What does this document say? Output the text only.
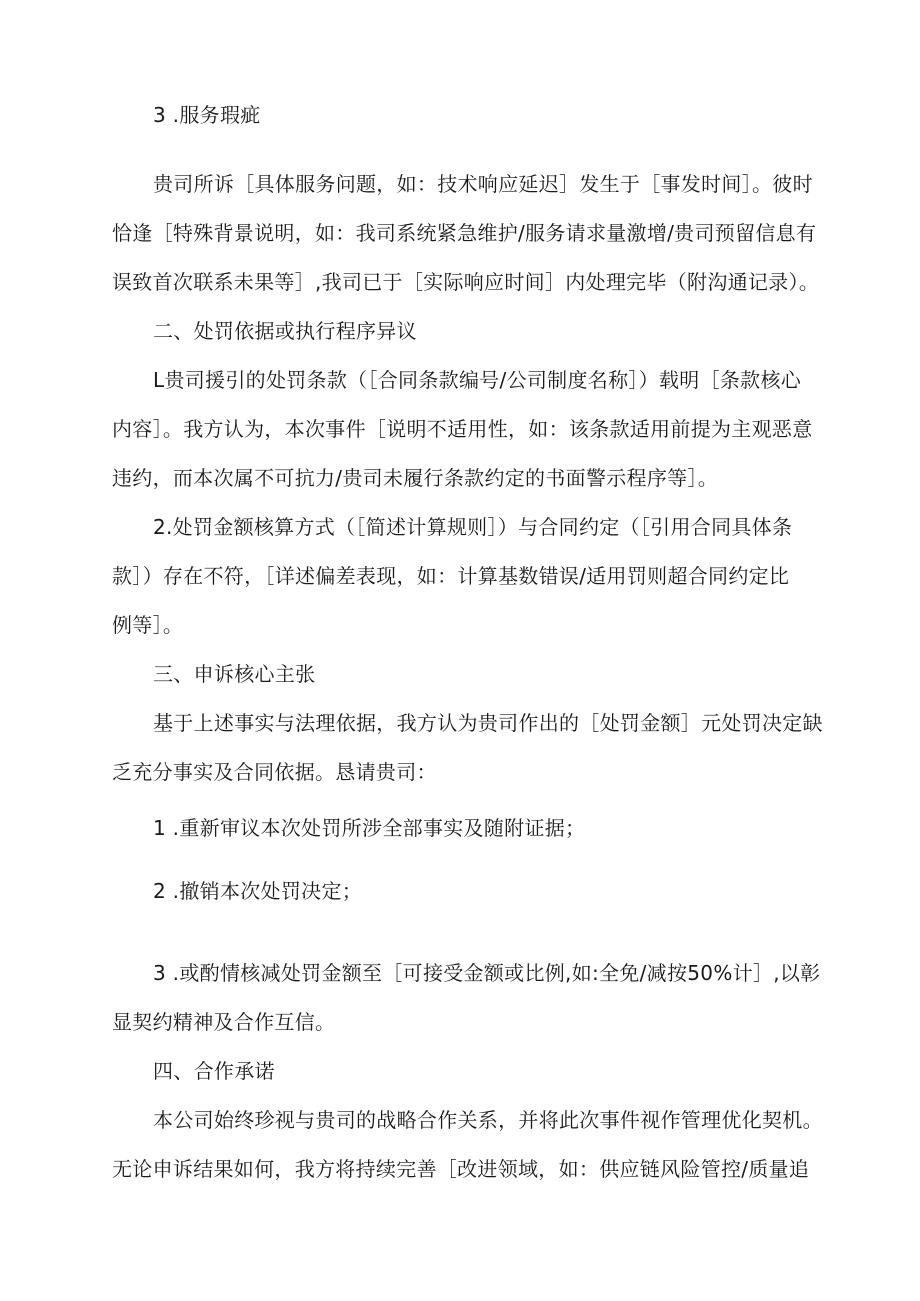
3 .服务瑕疵
贵司所诉［具体服务问题，如：技术响应延迟］发生于［事发时间］。彼时
恰逢［特殊背景说明，如：我司系统紧急维护/服务请求量激增/贵司预留信息有
误致首次联系未果等］,我司已于［实际响应时间］内处理完毕（附沟通记录）。
二、处罚依据或执行程序异议
L贵司援引的处罚条款（［合同条款编号/公司制度名称］）载明［条款核心
内容］。我方认为，本次事件［说明不适用性，如：该条款适用前提为主观恶意
违约，而本次属不可抗力/贵司未履行条款约定的书面警示程序等］。
2.处罚金额核算方式（［简述计算规则］）与合同约定（［引用合同具体条
款］）存在不符，［详述偏差表现，如：计算基数错误/适用罚则超合同约定比
例等］。
三、申诉核心主张
基于上述事实与法理依据，我方认为贵司作出的［处罚金额］元处罚决定缺
乏充分事实及合同依据。恳请贵司：
1 .重新审议本次处罚所涉全部事实及随附证据；
2 .撤销本次处罚决定；
3 .或酌情核减处罚金额至［可接受金额或比例,如:全免/减按50%计］,以彰
显契约精神及合作互信。
四、合作承诺
本公司始终珍视与贵司的战略合作关系，并将此次事件视作管理优化契机。
无论申诉结果如何，我方将持续完善［改进领域，如：供应链风险管控/质量追
